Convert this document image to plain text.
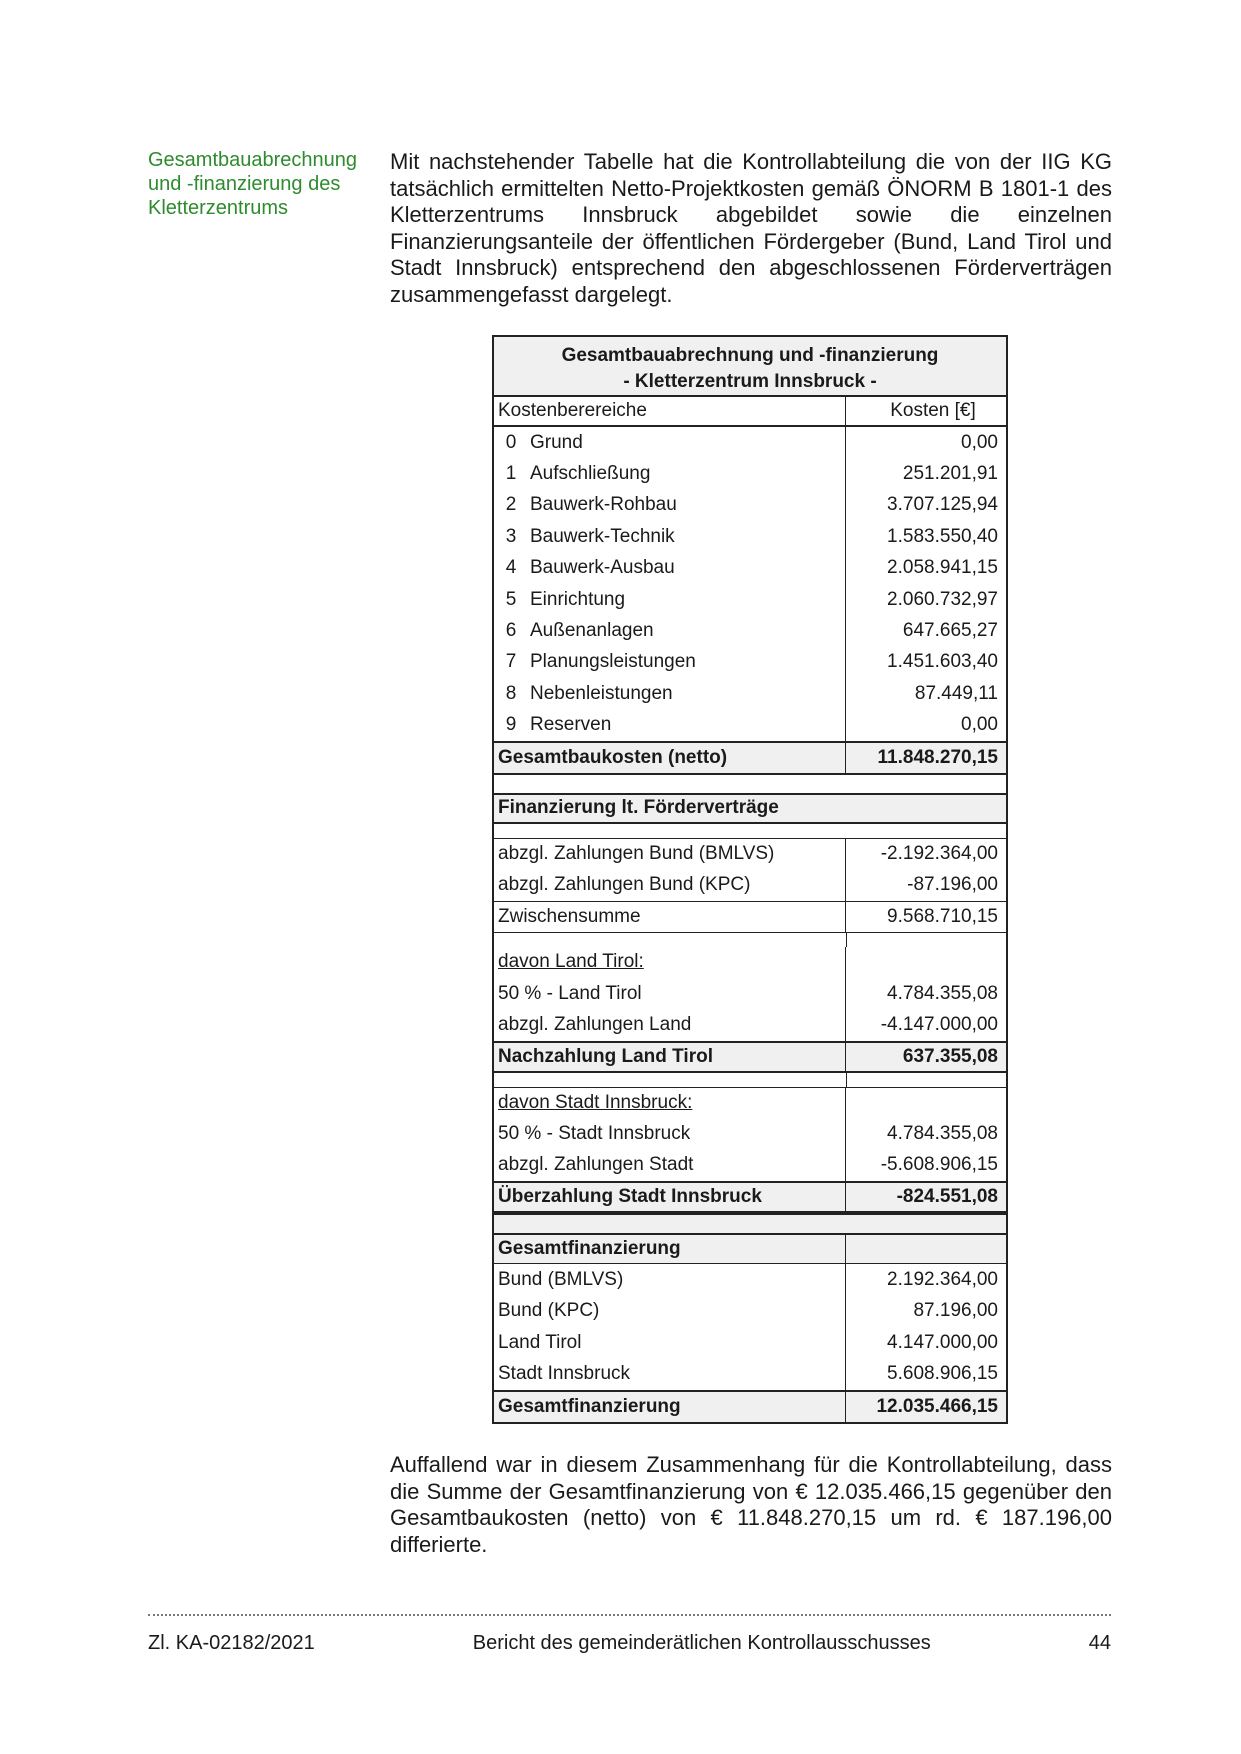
Gesamtbauabrechnung und -finanzierung des Kletterzentrums

Mit nachstehender Tabelle hat die Kontrollabteilung die von der IIG KG tatsächlich ermittelten Netto-Projektkosten gemäß ÖNORM B 1801-1 des Kletterzentrums Innsbruck abgebildet sowie die einzelnen Finanzierungsanteile der öffentlichen Fördergeber (Bund, Land Tirol und Stadt Innsbruck) entsprechend den abgeschlossenen Förderverträgen zusammengefasst dargelegt.

Gesamtbauabrechnung und -finanzierung
- Kletterzentrum Innsbruck -
Kostenberereiche	Kosten [€]
0 Grund	0,00
1 Aufschließung	251.201,91
2 Bauwerk-Rohbau	3.707.125,94
3 Bauwerk-Technik	1.583.550,40
4 Bauwerk-Ausbau	2.058.941,15
5 Einrichtung	2.060.732,97
6 Außenanlagen	647.665,27
7 Planungsleistungen	1.451.603,40
8 Nebenleistungen	87.449,11
9 Reserven	0,00
Gesamtbaukosten (netto)	11.848.270,15
Finanzierung lt. Förderverträge
abzgl. Zahlungen Bund (BMLVS)	-2.192.364,00
abzgl. Zahlungen Bund (KPC)	-87.196,00
Zwischensumme	9.568.710,15
davon Land Tirol:
50 % - Land Tirol	4.784.355,08
abzgl. Zahlungen Land	-4.147.000,00
Nachzahlung Land Tirol	637.355,08
davon Stadt Innsbruck:
50 % - Stadt Innsbruck	4.784.355,08
abzgl. Zahlungen Stadt	-5.608.906,15
Überzahlung Stadt Innsbruck	-824.551,08
Gesamtfinanzierung
Bund (BMLVS)	2.192.364,00
Bund (KPC)	87.196,00
Land Tirol	4.147.000,00
Stadt Innsbruck	5.608.906,15
Gesamtfinanzierung	12.035.466,15

Auffallend war in diesem Zusammenhang für die Kontrollabteilung, dass die Summe der Gesamtfinanzierung von € 12.035.466,15 gegenüber den Gesamtbaukosten (netto) von € 11.848.270,15 um rd. € 187.196,00 differierte.

Zl. KA-02182/2021	Bericht des gemeinderätlichen Kontrollausschusses	44
